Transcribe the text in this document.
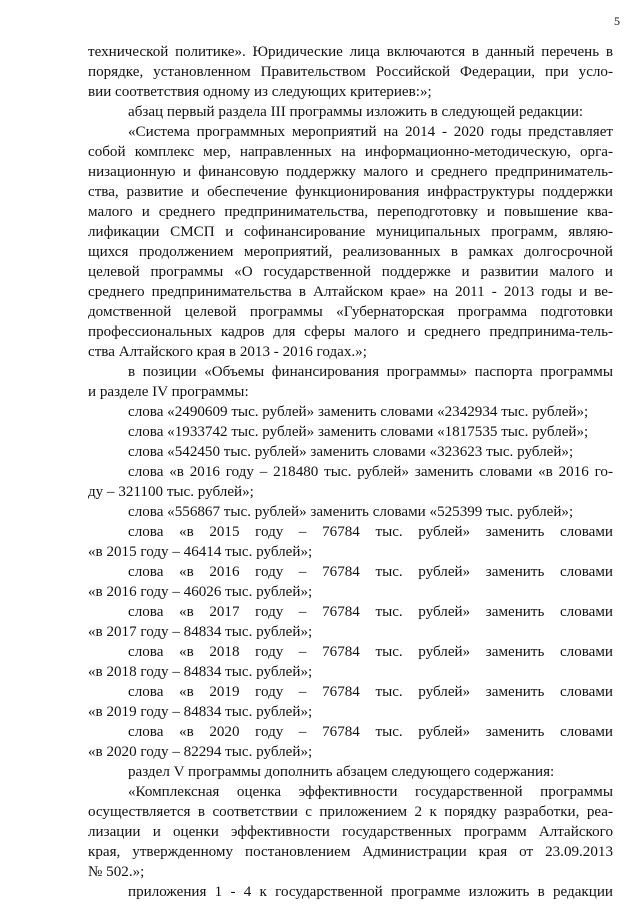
5
технической политике». Юридические лица включаются в данный перечень в
порядке, установленном Правительством Российской Федерации, при усло-
вии соответствия одному из следующих критериев:»;
абзац первый раздела III программы изложить в следующей редакции:
«Система программных мероприятий на 2014 - 2020 годы представляет
собой комплекс мер, направленных на информационно-методическую, орга-
низационную и финансовую поддержку малого и среднего предприниматель-
ства, развитие и обеспечение функционирования инфраструктуры поддержки
малого и среднего предпринимательства, переподготовку и повышение ква-
лификации СМСП и софинансирование муниципальных программ, являю-
щихся продолжением мероприятий, реализованных в рамках долгосрочной
целевой программы «О государственной поддержке и развитии малого и
среднего предпринимательства в Алтайском крае» на 2011 - 2013 годы и ве-
домственной целевой программы «Губернаторская программа подготовки
профессиональных кадров для сферы малого и среднего предпринима-тель-
ства Алтайского края в 2013 - 2016 годах.»;
в позиции «Объемы финансирования программы» паспорта программы
и разделе IV программы:
слова «2490609 тыс. рублей» заменить словами «2342934 тыс. рублей»;
слова «1933742 тыс. рублей» заменить словами «1817535 тыс. рублей»;
слова «542450 тыс. рублей» заменить словами «323623 тыс. рублей»;
слова «в 2016 году – 218480 тыс. рублей» заменить словами «в 2016 го-
ду – 321100 тыс. рублей»;
слова «556867 тыс. рублей» заменить словами «525399 тыс. рублей»;
слова «в 2015 году – 76784 тыс. рублей» заменить словами
«в 2015 году – 46414 тыс. рублей»;
слова «в 2016 году – 76784 тыс. рублей» заменить словами
«в 2016 году – 46026 тыс. рублей»;
слова «в 2017 году – 76784 тыс. рублей» заменить словами
«в 2017 году – 84834 тыс. рублей»;
слова «в 2018 году – 76784 тыс. рублей» заменить словами
«в 2018 году – 84834 тыс. рублей»;
слова «в 2019 году – 76784 тыс. рублей» заменить словами
«в 2019 году – 84834 тыс. рублей»;
слова «в 2020 году – 76784 тыс. рублей» заменить словами
«в 2020 году – 82294 тыс. рублей»;
раздел V программы дополнить абзацем следующего содержания:
«Комплексная оценка эффективности государственной программы
осуществляется в соответствии с приложением 2 к порядку разработки, реа-
лизации и оценки эффективности государственных программ Алтайского
края, утвержденному постановлением Администрации края от 23.09.2013
№ 502.»;
приложения 1 - 4 к государственной программе изложить в редакции
